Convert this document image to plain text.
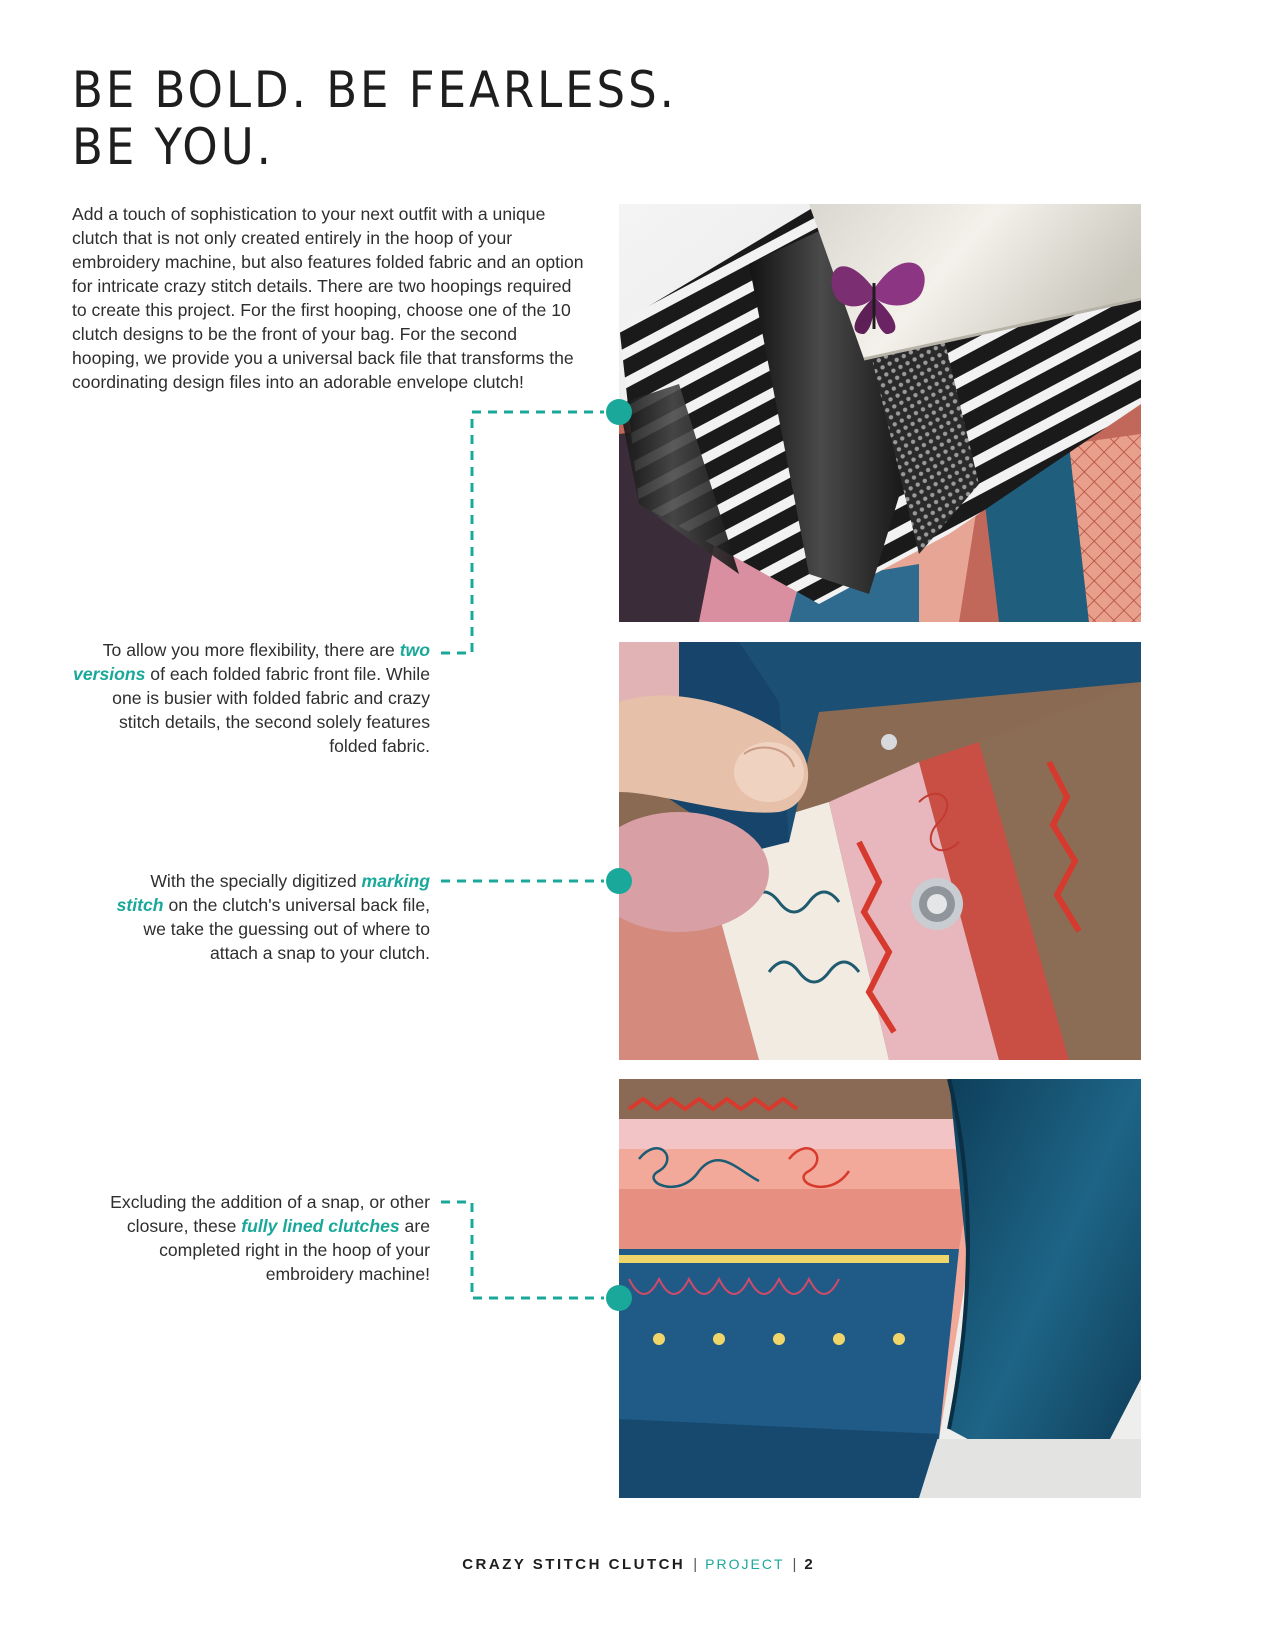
BE BOLD. BE FEARLESS.
BE YOU.

Add a touch of sophistication to your next outfit with a unique clutch that is not only created entirely in the hoop of your embroidery machine, but also features folded fabric and an option for intricate crazy stitch details. There are two hoopings required to create this project. For the first hooping, choose one of the 10 clutch designs to be the front of your bag. For the second hooping, we provide you a universal back file that transforms the coordinating design files into an adorable envelope clutch!

To allow you more flexibility, there are two versions of each folded fabric front file. While one is busier with folded fabric and crazy stitch details, the second solely features folded fabric.

With the specially digitized marking stitch on the clutch's universal back file, we take the guessing out of where to attach a snap to your clutch.

Excluding the addition of a snap, or other closure, these fully lined clutches are completed right in the hoop of your embroidery machine!

CRAZY STITCH CLUTCH | PROJECT | 2
